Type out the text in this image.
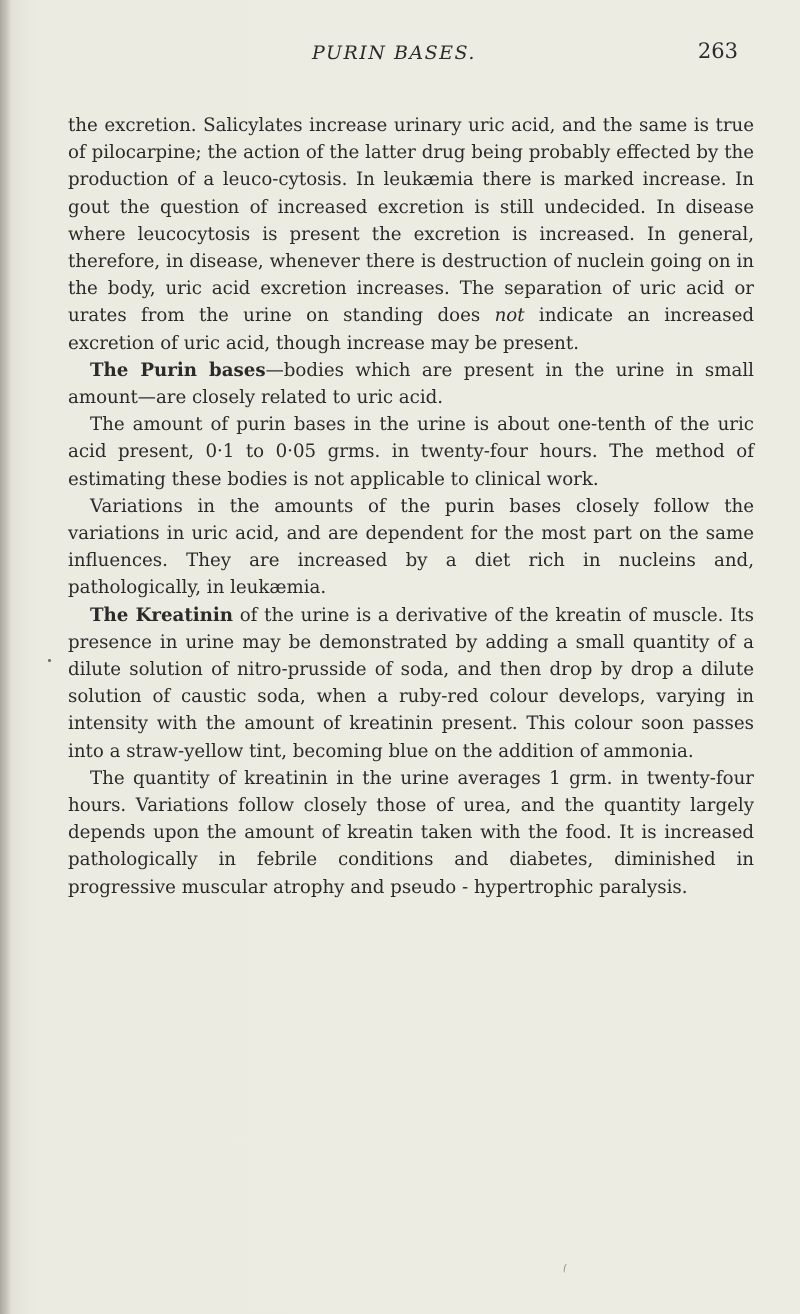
PURIN BASES.	263

the excretion. Salicylates increase urinary uric acid, and the same is true of pilocarpine; the action of the latter drug being probably effected by the production of a leuco-cytosis. In leukæmia there is marked increase. In gout the question of increased excretion is still undecided. In disease where leucocytosis is present the excretion is increased. In general, therefore, in disease, whenever there is destruction of nuclein going on in the body, uric acid excretion increases. The separation of uric acid or urates from the urine on standing does not indicate an increased excretion of uric acid, though increase may be present.

The Purin bases—bodies which are present in the urine in small amount—are closely related to uric acid.

The amount of purin bases in the urine is about one-tenth of the uric acid present, 0·1 to 0·05 grms. in twenty-four hours. The method of estimating these bodies is not applicable to clinical work.

Variations in the amounts of the purin bases closely follow the variations in uric acid, and are dependent for the most part on the same influences. They are increased by a diet rich in nucleins and, pathologically, in leukæmia.

The Kreatinin of the urine is a derivative of the kreatin of muscle. Its presence in urine may be demonstrated by adding a small quantity of a dilute solution of nitro-prusside of soda, and then drop by drop a dilute solution of caustic soda, when a ruby-red colour develops, varying in intensity with the amount of kreatinin present. This colour soon passes into a straw-yellow tint, becoming blue on the addition of ammonia.

The quantity of kreatinin in the urine averages 1 grm. in twenty-four hours. Variations follow closely those of urea, and the quantity largely depends upon the amount of kreatin taken with the food. It is increased pathologically in febrile conditions and diabetes, diminished in progressive muscular atrophy and pseudo - hypertrophic paralysis.
